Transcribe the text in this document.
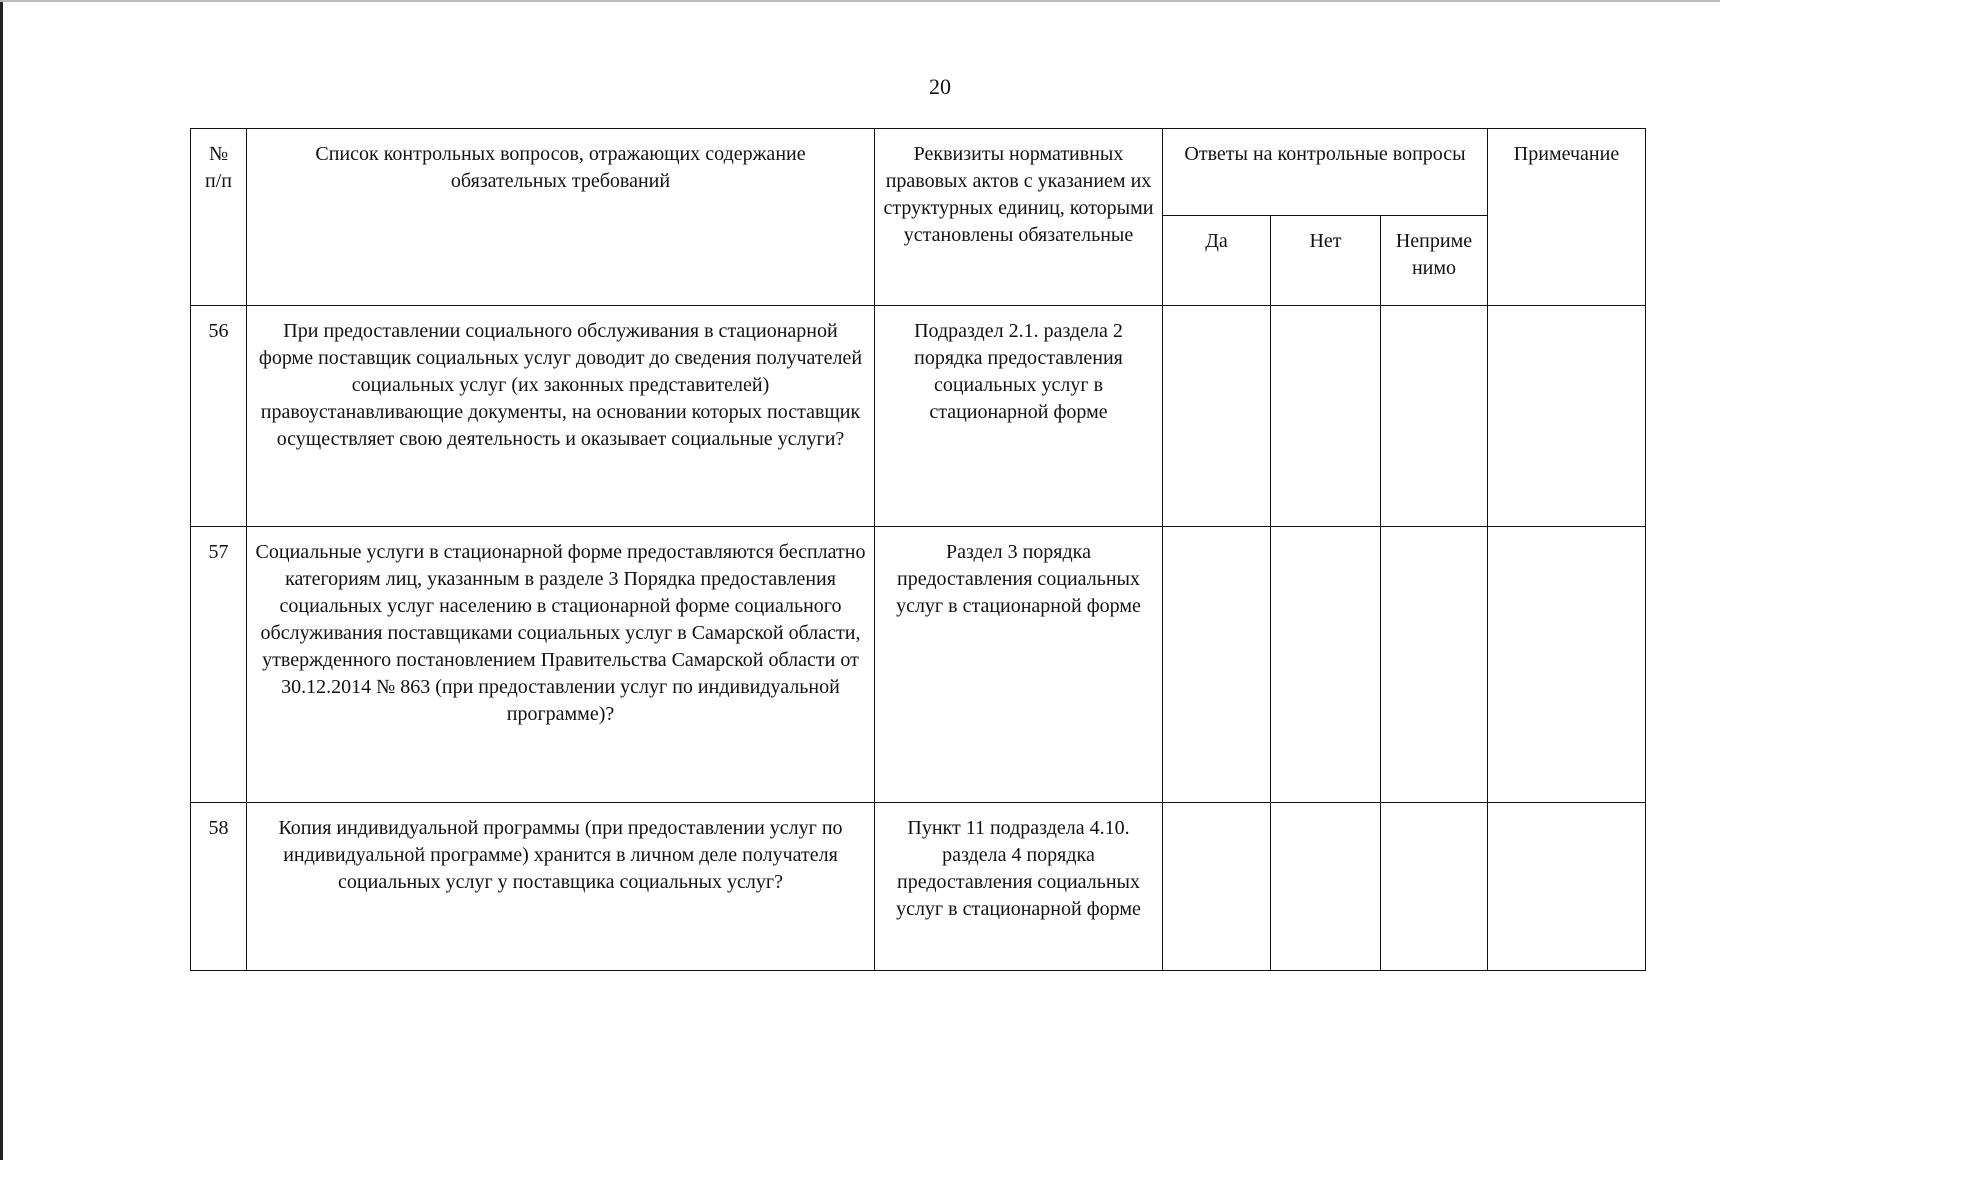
20
№ п/п	Список контрольных вопросов, отражающих содержание обязательных требований	Реквизиты нормативных правовых актов с указанием их структурных единиц, которыми установлены обязательные	Ответы на контрольные вопросы			Примечание
			Да	Нет	Неприме нимо	
56	При предоставлении социального обслуживания в стационарной форме поставщик социальных услуг доводит до сведения получателей социальных услуг (их законных представителей) правоустанавливающие документы, на основании которых поставщик осуществляет свою деятельность и оказывает социальные услуги?	Подраздел 2.1. раздела 2 порядка предоставления социальных услуг в стационарной форме				
57	Социальные услуги в стационарной форме предоставляются бесплатно категориям лиц, указанным в разделе 3 Порядка предоставления социальных услуг населению в стационарной форме социального обслуживания поставщиками социальных услуг в Самарской области, утвержденного постановлением Правительства Самарской области от 30.12.2014 № 863 (при предоставлении услуг по индивидуальной программе)?	Раздел 3 порядка предоставления социальных услуг в стационарной форме				
58	Копия индивидуальной программы (при предоставлении услуг по индивидуальной программе) хранится в личном деле получателя социальных услуг у поставщика социальных услуг?	Пункт 11 подраздела 4.10. раздела 4 порядка предоставления социальных услуг в стационарной форме				
